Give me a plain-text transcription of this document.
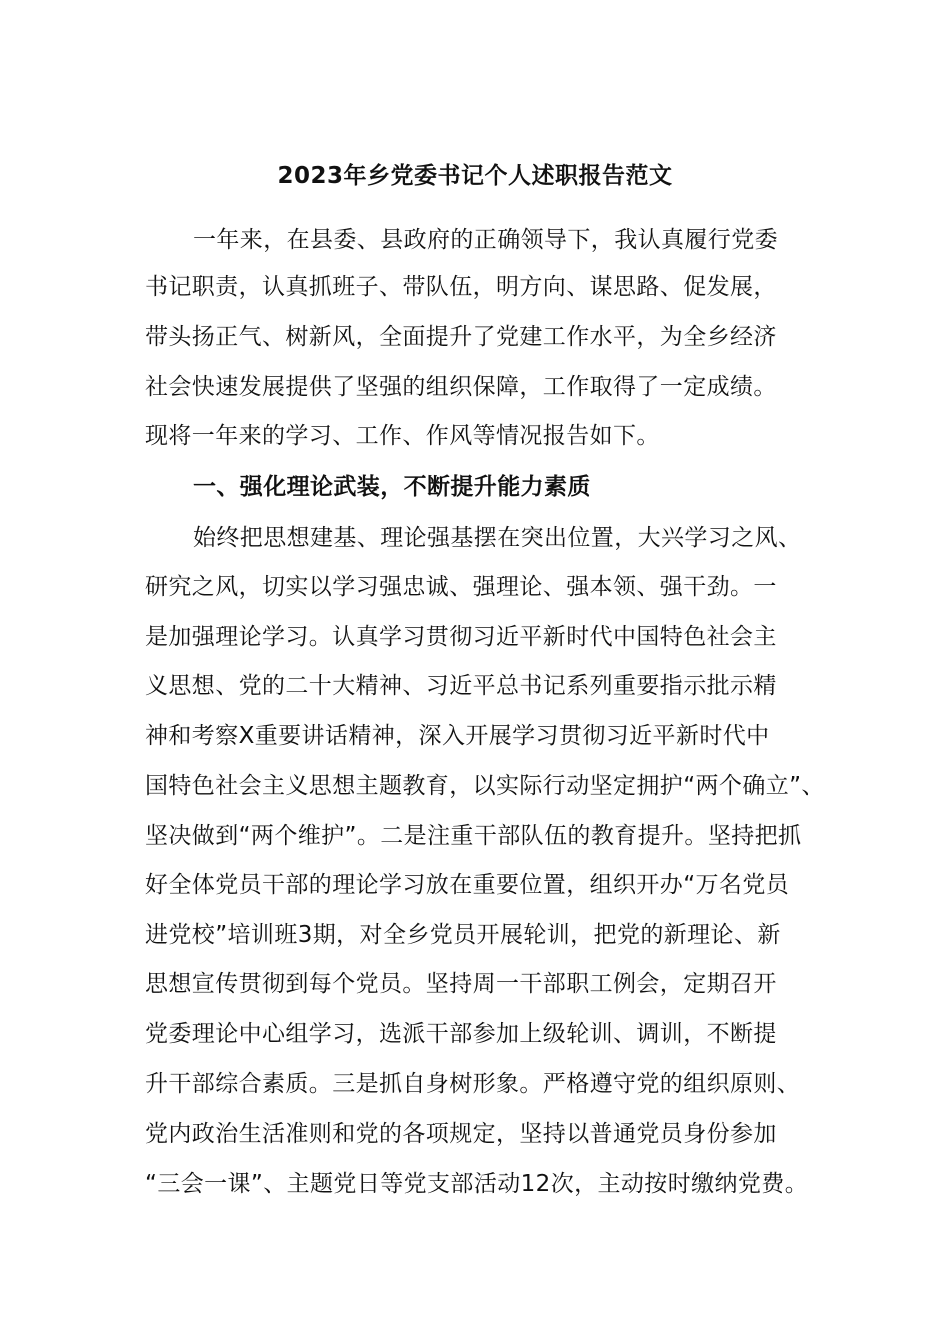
2023年乡党委书记个人述职报告范文
一年来，在县委、县政府的正确领导下，我认真履行党委
书记职责，认真抓班子、带队伍，明方向、谋思路、促发展，
带头扬正气、树新风，全面提升了党建工作水平，为全乡经济
社会快速发展提供了坚强的组织保障，工作取得了一定成绩。
现将一年来的学习、工作、作风等情况报告如下。
一、强化理论武装，不断提升能力素质
始终把思想建基、理论强基摆在突出位置，大兴学习之风、
研究之风，切实以学习强忠诚、强理论、强本领、强干劲。一
是加强理论学习。认真学习贯彻习近平新时代中国特色社会主
义思想、党的二十大精神、习近平总书记系列重要指示批示精
神和考察X重要讲话精神，深入开展学习贯彻习近平新时代中
国特色社会主义思想主题教育，以实际行动坚定拥护“两个确立”、
坚决做到“两个维护”。二是注重干部队伍的教育提升。坚持把抓
好全体党员干部的理论学习放在重要位置，组织开办“万名党员
进党校”培训班3期，对全乡党员开展轮训，把党的新理论、新
思想宣传贯彻到每个党员。坚持周一干部职工例会，定期召开
党委理论中心组学习，选派干部参加上级轮训、调训，不断提
升干部综合素质。三是抓自身树形象。严格遵守党的组织原则、
党内政治生活准则和党的各项规定，坚持以普通党员身份参加
“三会一课”、主题党日等党支部活动12次，主动按时缴纳党费。
